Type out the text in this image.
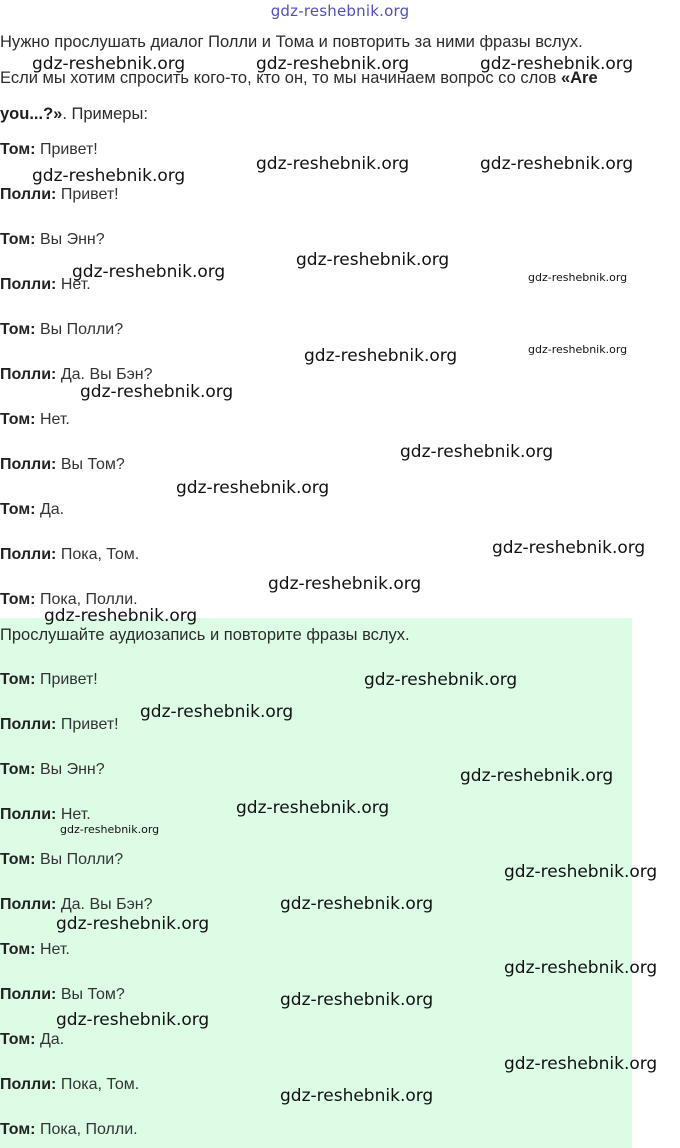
gdz-reshebnik.org
Нужно прослушать диалог Полли и Тома и повторить за ними фразы вслух.
Если мы хотим спросить кого-то, кто он, то мы начинаем вопрос со слов «Are
you...?». Примеры:
Том: Привет!
Полли: Привет!
Том: Вы Энн?
Полли: Нет.
Том: Вы Полли?
Полли: Да. Вы Бэн?
Том: Нет.
Полли: Вы Том?
Том: Да.
Полли: Пока, Том.
Том: Пока, Полли.
Прослушайте аудиозапись и повторите фразы вслух.
Том: Привет!
Полли: Привет!
Том: Вы Энн?
Полли: Нет.
Том: Вы Полли?
Полли: Да. Вы Бэн?
Том: Нет.
Полли: Вы Том?
Том: Да.
Полли: Пока, Том.
Том: Пока, Полли.
gdz-reshebnik.org	gdz-reshebnik.org	gdz-reshebnik.org
gdz-reshebnik.org	gdz-reshebnik.org
gdz-reshebnik.org
gdz-reshebnik.org
gdz-reshebnik.org	gdz-reshebnik.org
gdz-reshebnik.org
gdz-reshebnik.org
gdz-reshebnik.org
gdz-reshebnik.org
gdz-reshebnik.org
gdz-reshebnik.org
gdz-reshebnik.org
gdz-reshebnik.org
gdz-reshebnik.org
gdz-reshebnik.org
gdz-reshebnik.org
gdz-reshebnik.org
gdz-reshebnik.org
gdz-reshebnik.org
gdz-reshebnik.org
gdz-reshebnik.org
gdz-reshebnik.org
gdz-reshebnik.org
gdz-reshebnik.org
gdz-reshebnik.org
gdz-reshebnik.org
